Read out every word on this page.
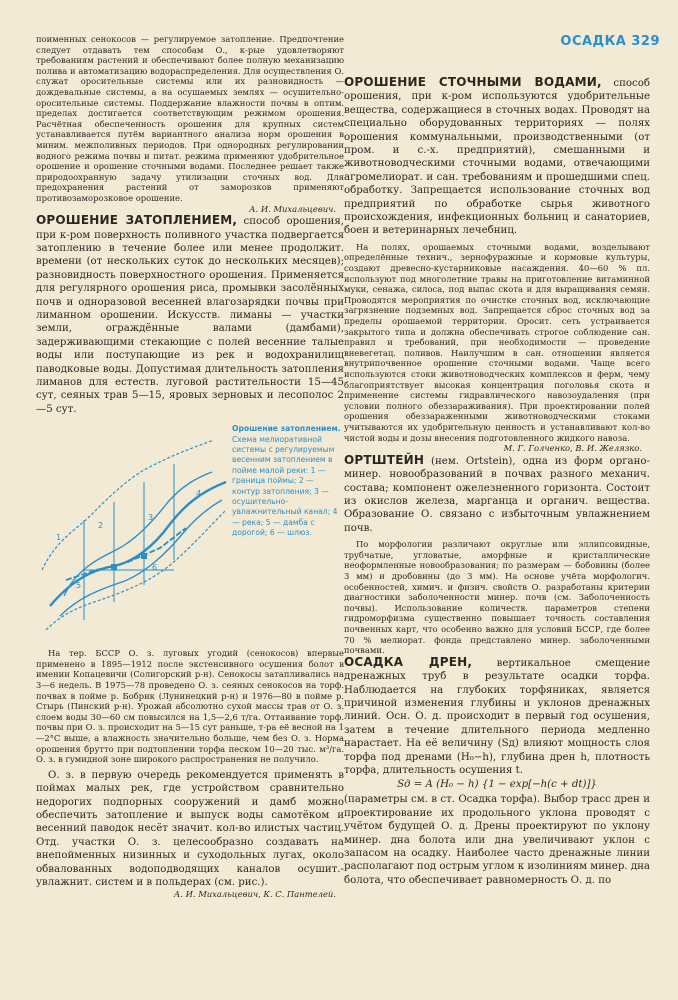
ОСАДКА 329

поименных сенокосов — регулируемое затопление. Предпочтение следует отдавать тем способам О., к-рые удовлетворяют требованиям растений и обеспечивают более полную механизацию полива и автоматизацию водораспределения. Для осуществления О. служат оросительные системы или их разновидность — дождевальные системы, а на осушаемых землях — осушительно-оросительные системы. Поддержание влажности почвы в оптим. пределах достигается соответствующим режимом орошения. Расчётная обеспеченность орошения для крупных систем устанавливается путём вариантного анализа норм орошения в миним. межполивных периодов. При однородных регулировании водного режима почвы и питат. режима применяют удобрительное орошение и орошение сточными водами. Последнее решает также природоохранную задачу утилизации сточных вод. Для предохранения растений от заморозков применяют противозаморозковое орошение.

А. И. Михальцевич.

ОРОШЕНИЕ ЗАТОПЛЕНИЕМ, способ орошения, при к-ром поверхность поливного участка подвергается затоплению в течение более или менее продолжит. времени (от нескольких суток до нескольких месяцев); разновидность поверхностного орошения. Применяется для регулярного орошения риса, промывки засолённых почв и одноразовой весенней влагозарядки почвы при лиманном орошении. Искусств. лиманы — участки земли, ограждённые валами (дамбами), задерживающими стекающие с полей весенние талые воды или поступающие из рек и водохранилищ паводковые воды. Допустимая длительность затопления лиманов для естеств. луговой растительности 15—45 сут, сеяных трав 5—15, яровых зерновых и лесополос 2—5 сут.

1
2
3
4
5
6
Орошение затоплением. Схема мелиоративной системы с регулируемым весенним затоплением в пойме малой реки: 1 — граница поймы; 2 — контур затопления; 3 — осушительно-увлажнительный канал; 4 — река; 5 — дамба с дорогой; 6 — шлюз.

На тер. БССР О. з. луговых угодий (сенокосов) впервые применено в 1895—1912 после экстенсивного осушения болот в имении Копацевичи (Солигорский р-н). Сенокосы затапливались на 3—6 недель. В 1975—78 проведено О. з. сеяных сенокосов на торф. почвах в пойме р. Бобрик (Лунинецкий р-н) и 1976—80 в пойме р. Стырь (Пинский р-н). Урожай абсолютно сухой массы трав от О. з. слоем воды 30—60 см повысился на 1,5—2,6 т/га. Оттаивание торф. почвы при О. з. происходит на 5—15 сут раньше, т-ра её весной на 1—2°С выше, а влажность значительно больше, чем без О. з. Норма орошения брутто при подтоплении торфа песком 10—20 тыс. м³/га. О. з. в гумидной зоне широкого распространения не получило.

О. з. в первую очередь рекомендуется применять в поймах малых рек, где устройством сравнительно недорогих подпорных сооружений и дамб можно обеспечить затопление и выпуск воды самотёком и весенний паводок несёт значит. кол-во илистых частиц. Отд. участки О. з. целесообразно создавать на внепойменных низинных и суходольных лугах, около обвалованных водоподводящих каналов осушит.-увлажнит. систем и в польдерах (см. рис.).

А. И. Михальцевич, К. С. Пантелей.

ОРОШЕНИЕ СТОЧНЫМИ ВОДАМИ, способ орошения, при к-ром используются удобрительные вещества, содержащиеся в сточных водах. Проводят на специально оборудованных территориях — полях орошения коммунальными, производственными (от пром. и с.-х. предприятий), смешанными и животноводческими сточными водами, отвечающими агромелиорат. и сан. требованиям и прошедшими спец. обработку. Запрещается использование сточных вод предприятий по обработке сырья животного происхождения, инфекционных больниц и санаториев, боен и ветеринарных лечебниц.

На полях, орошаемых сточными водами, возделывают определённые технич., зернофуражные и кормовые культуры, создают древесно-кустарниковые насаждения. 40—60 % пл. используют под многолетние травы на приготовление витаминной муки, сенажа, силоса, под выпас скота и для выращивания семян. Проводятся мероприятия по очистке сточных вод, исключающие загрязнение подземных вод. Запрещается сброс сточных вод за пределы орошаемой территории. Оросит. сеть устраивается закрытого типа и должна обеспечивать строгое соблюдение сан. правил и требований, при необходимости — проведение вневегетац. поливов. Наилучшим в сан. отношении является внутрипочвенное орошение сточными водами. Чаще всего используются стоки животноводческих комплексов и ферм, чему благоприятствует высокая концентрация поголовья скота и применение системы гидравлического навозоудаления (при условии полного обеззараживания). При проектировании полей орошения обеззараженными животноводческими стоками учитываются их удобрительную ценность и устанавливают кол-во чистой воды и дозы внесения подготовленного жидкого навоза.

М. Г. Голченко, В. И. Желязко.

ОРТШТЕЙН (нем. Ortstein), одна из форм органо-минер. новообразований в почвах разного механич. состава; компонент ожелезненного горизонта. Состоит из окислов железа, марганца и органич. вещества. Образование О. связано с избыточным увлажнением почв.

По морфологии различают округлые или эллипсовидные, трубчатые, угловатые, аморфные и кристаллические неоформленные новообразования; по размерам — бобовины (более 3 мм) и дробовины (до 3 мм). На основе учёта морфологич. особенностей, химич. и физич. свойств О. разработаны критерии диагностики заболоченности минер. почв (см. Заболоченность почвы). Использование количеств. параметров степени гидроморфизма существенно повышает точность составления почвенных карт, что особенно важно для условий БССР, где более 70 % мелиорат. фонда представлено минер. заболоченными почвами.

ОСАДКА ДРЕН, вертикальное смещение дренажных труб в результате осадки торфа. Наблюдается на глубоких торфяниках, является причиной изменения глубины и уклонов дренажных линий. Осн. О. д. происходит в первый год осушения, затем в течение длительного периода медленно нарастает. На её величину (Sд) влияют мощность слоя торфа под дренами (H₀−h), глубина дрен h, плотность торфа, длительность осушения t.

Sд = A (H₀ − h) {1 − exp[−h(c + dt)]}

(параметры см. в ст. Осадка торфа). Выбор трасс дрен и проектирование их продольного уклона проводят с учётом будущей О. д. Дрены проектируют по уклону минер. дна болота или дна увеличивают уклон с запасом на осадку. Наиболее часто дренажные линии располагают под острым углом к изолиниям минер. дна болота, что обеспечивает равномерность О. д. по
